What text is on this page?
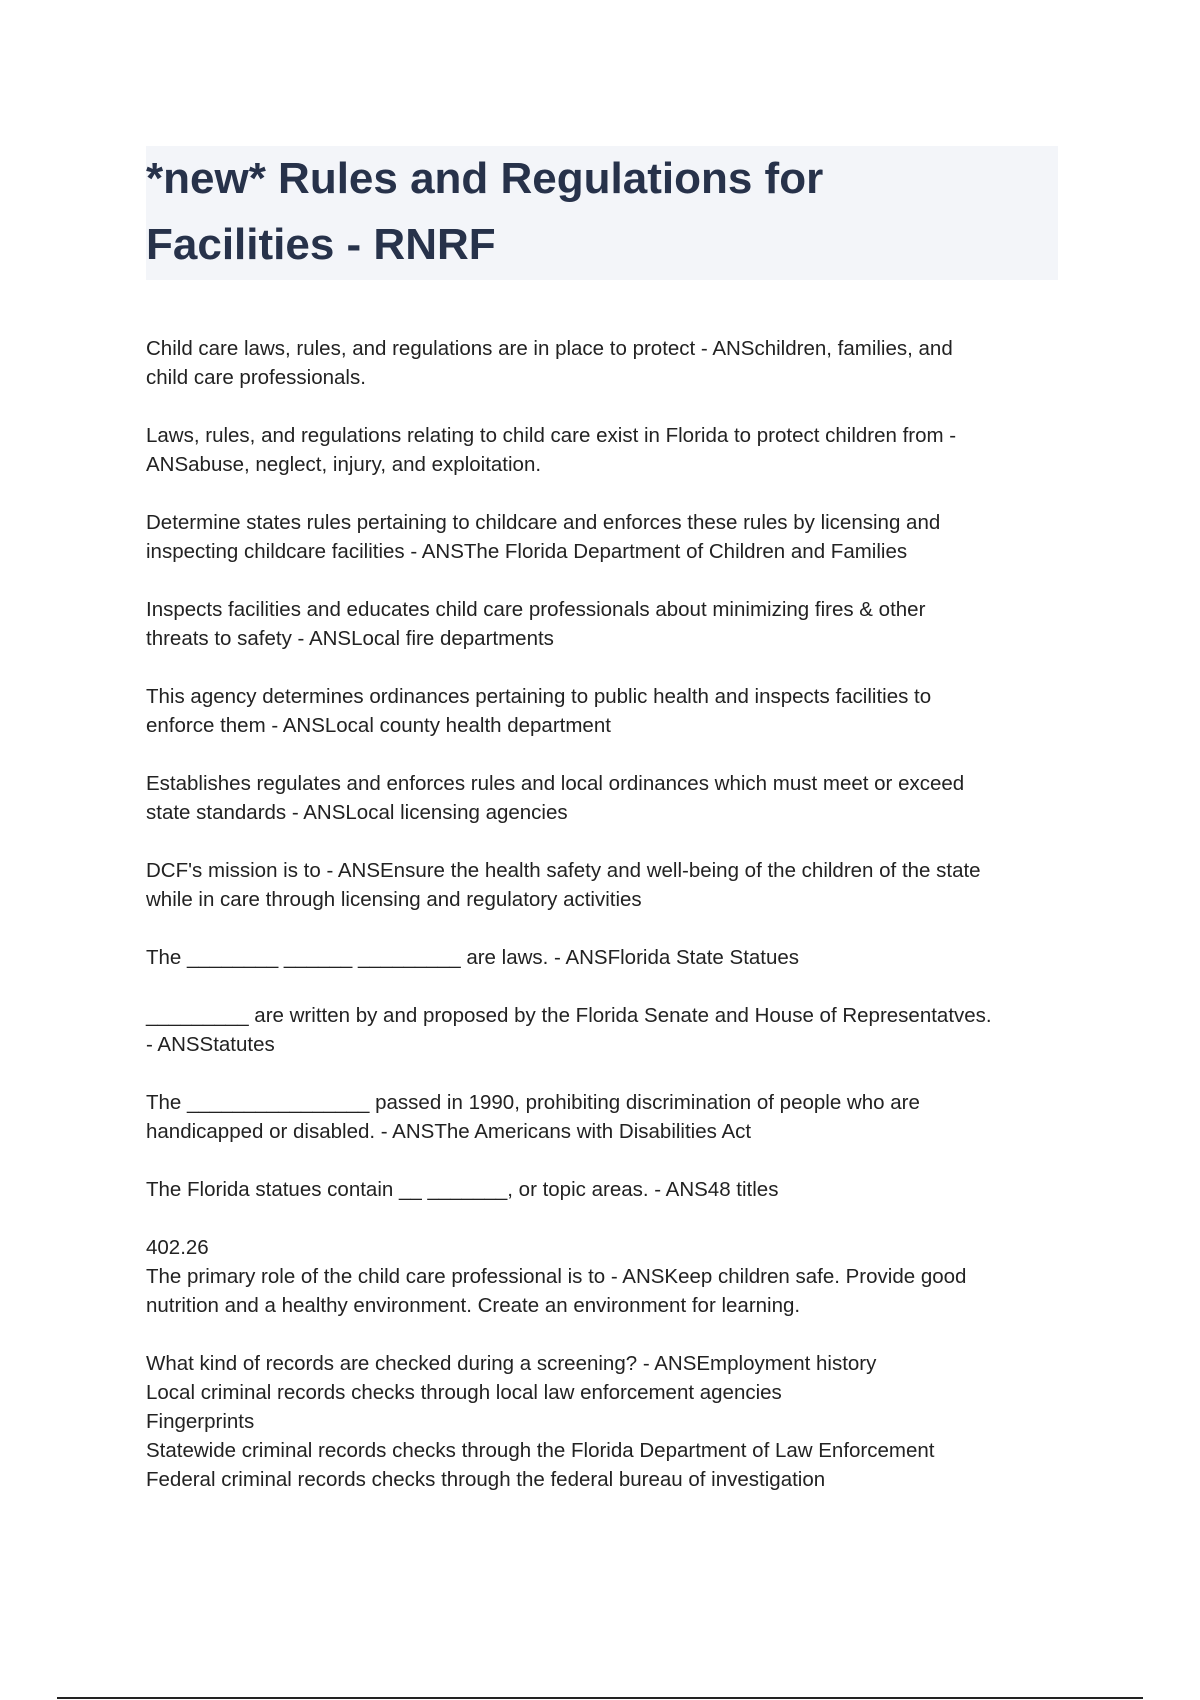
*new* Rules and Regulations for
Facilities - RNRF

Child care laws, rules, and regulations are in place to protect - ANSchildren, families, and
child care professionals.

Laws, rules, and regulations relating to child care exist in Florida to protect children from -
ANSabuse, neglect, injury, and exploitation.

Determine states rules pertaining to childcare and enforces these rules by licensing and
inspecting childcare facilities - ANSThe Florida Department of Children and Families

Inspects facilities and educates child care professionals about minimizing fires & other
threats to safety - ANSLocal fire departments

This agency determines ordinances pertaining to public health and inspects facilities to
enforce them - ANSLocal county health department

Establishes regulates and enforces rules and local ordinances which must meet or exceed
state standards - ANSLocal licensing agencies

DCF's mission is to - ANSEnsure the health safety and well-being of the children of the state
while in care through licensing and regulatory activities

The ________ ______ _________ are laws. - ANSFlorida State Statues

_________ are written by and proposed by the Florida Senate and House of Representatves.
- ANSStatutes

The ________________ passed in 1990, prohibiting discrimination of people who are
handicapped or disabled. - ANSThe Americans with Disabilities Act

The Florida statues contain __ _______, or topic areas. - ANS48 titles

402.26
The primary role of the child care professional is to - ANSKeep children safe. Provide good
nutrition and a healthy environment. Create an environment for learning.

What kind of records are checked during a screening? - ANSEmployment history
Local criminal records checks through local law enforcement agencies
Fingerprints
Statewide criminal records checks through the Florida Department of Law Enforcement
Federal criminal records checks through the federal bureau of investigation
